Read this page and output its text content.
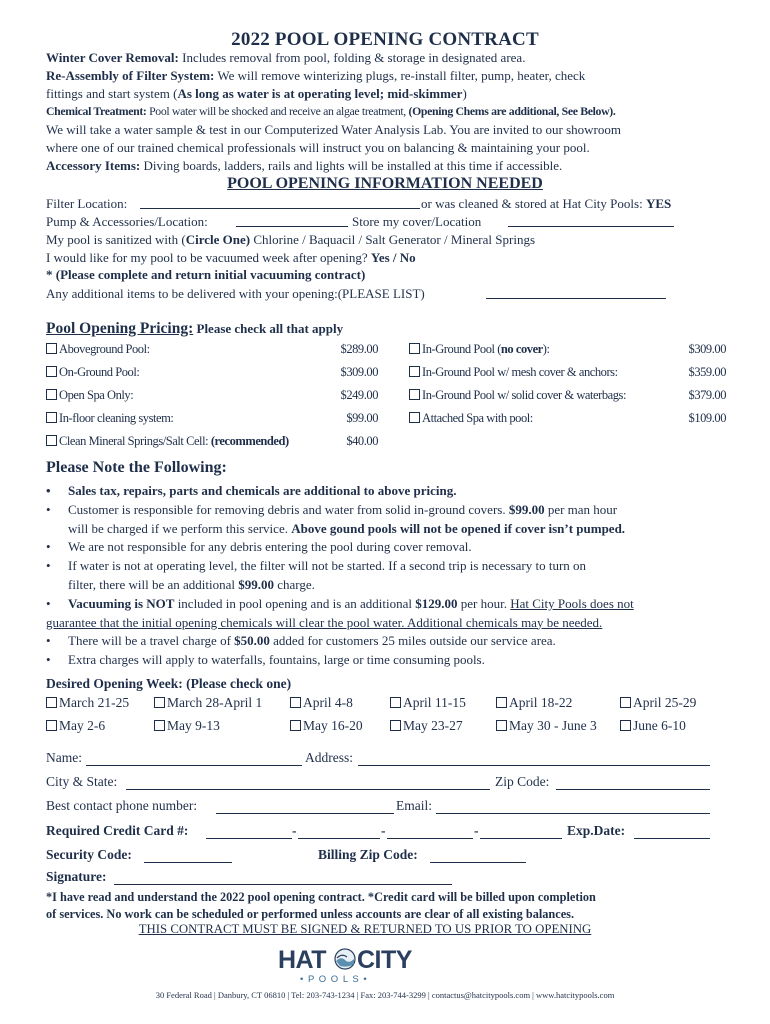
2022 POOL OPENING CONTRACT
Winter Cover Removal: Includes removal from pool, folding & storage in designated area.
Re-Assembly of Filter System: We will remove winterizing plugs, re-install filter, pump, heater, check
fittings and start system (As long as water is at operating level; mid-skimmer)
Chemical Treatment: Pool water will be shocked and receive an algae treatment, (Opening Chems are additional, See Below).
We will take a water sample & test in our Computerized Water Analysis Lab. You are invited to our showroom
where one of our trained chemical professionals will instruct you on balancing & maintaining your pool.
Accessory Items: Diving boards, ladders, rails and lights will be installed at this time if accessible.
POOL OPENING INFORMATION NEEDED
Filter Location:	or was cleaned & stored at Hat City Pools: YES
Pump & Accessories/Location:	Store my cover/Location
My pool is sanitized with (Circle One) Chlorine / Baquacil / Salt Generator / Mineral Springs
I would like for my pool to be vacuumed week after opening? Yes / No
* (Please complete and return initial vacuuming contract)
Any additional items to be delivered with your opening:(PLEASE LIST)
Pool Opening Pricing: Please check all that apply
Aboveground Pool:	$289.00
On-Ground Pool:	$309.00
Open Spa Only:	$249.00
In-floor cleaning system:	$99.00
Clean Mineral Springs/Salt Cell: (recommended)	$40.00
In-Ground Pool (no cover):	$309.00
In-Ground Pool w/ mesh cover & anchors:	$359.00
In-Ground Pool w/ solid cover & waterbags:	$379.00
Attached Spa with pool:	$109.00
Please Note the Following:
• Sales tax, repairs, parts and chemicals are additional to above pricing.
• Customer is responsible for removing debris and water from solid in-ground covers. $99.00 per man hour
will be charged if we perform this service. Above gound pools will not be opened if cover isn’t pumped.
• We are not responsible for any debris entering the pool during cover removal.
• If water is not at operating level, the filter will not be started. If a second trip is necessary to turn on
filter, there will be an additional $99.00 charge.
• Vacuuming is NOT included in pool opening and is an additional $129.00 per hour. Hat City Pools does not
guarantee that the initial opening chemicals will clear the pool water. Additional chemicals may be needed.
• There will be a travel charge of $50.00 added for customers 25 miles outside our service area.
• Extra charges will apply to waterfalls, fountains, large or time consuming pools.
Desired Opening Week: (Please check one)
March 21-25	March 28-April 1	April 4-8	April 11-15	April 18-22	April 25-29
May 2-6	May 9-13	May 16-20	May 23-27	May 30 - June 3	June 6-10
Name:	Address:
City & State:	Zip Code:
Best contact phone number:	Email:
Required Credit Card #:	-	-	-	Exp.Date:
Security Code:	Billing Zip Code:
Signature:
*I have read and understand the 2022 pool opening contract. *Credit card will be billed upon completion
of services. No work can be scheduled or performed unless accounts are clear of all existing balances.
THIS CONTRACT MUST BE SIGNED & RETURNED TO US PRIOR TO OPENING
HAT CITY
• P O O L S •
30 Federal Road | Danbury, CT 06810 | Tel: 203-743-1234 | Fax: 203-744-3299 | contactus@hatcitypools.com | www.hatcitypools.com
